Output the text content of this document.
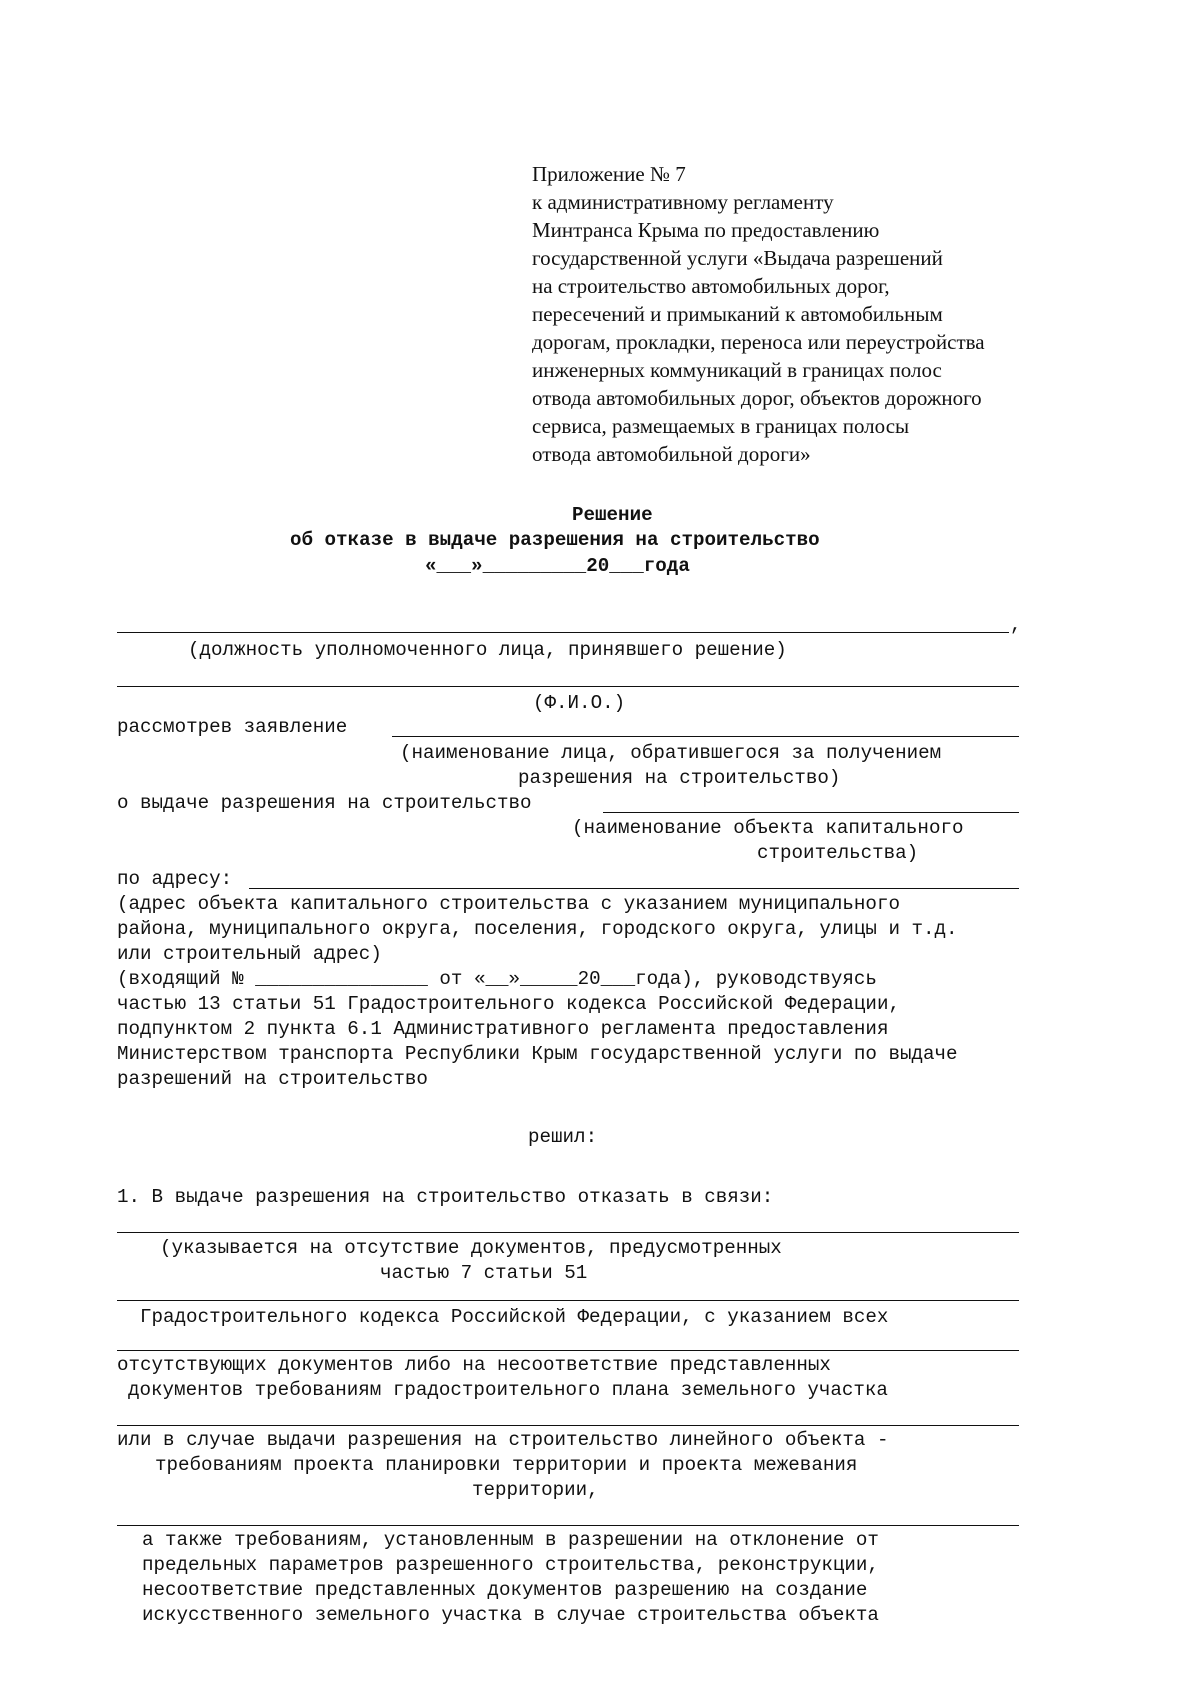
Приложение № 7
к административному регламенту
Минтранса Крыма по предоставлению
государственной услуги «Выдача разрешений
на строительство автомобильных дорог,
пересечений и примыканий к автомобильным
дорогам, прокладки, переноса или переустройства
инженерных коммуникаций в границах полос
отвода автомобильных дорог, объектов дорожного
сервиса, размещаемых в границах полосы
отвода автомобильной дороги»
Решение
об отказе в выдаче разрешения на строительство
«___»_________20___года
,
(должность уполномоченного лица, принявшего решение)
(Ф.И.О.)
рассмотрев заявление
(наименование лица, обратившегося за получением
разрешения на строительство)
о выдаче разрешения на строительство
(наименование объекта капитального
строительства)
по адресу:
(адрес объекта капитального строительства с указанием муниципального
района, муниципального округа, поселения, городского округа, улицы и т.д.
или строительный адрес)
(входящий № _______________ от «__»_____20___года), руководствуясь
частью 13 статьи 51 Градостроительного кодекса Российской Федерации,
подпунктом 2 пункта 6.1 Административного регламента предоставления
Министерством транспорта Республики Крым государственной услуги по выдаче
разрешений на строительство
решил:
1. В выдаче разрешения на строительство отказать в связи:
(указывается на отсутствие документов, предусмотренных
частью 7 статьи 51
Градостроительного кодекса Российской Федерации, с указанием всех
отсутствующих документов либо на несоответствие представленных
документов требованиям градостроительного плана земельного участка
или в случае выдачи разрешения на строительство линейного объекта -
требованиям проекта планировки территории и проекта межевания
территории,
а также требованиям, установленным в разрешении на отклонение от
предельных параметров разрешенного строительства, реконструкции,
несоответствие представленных документов разрешению на создание
искусственного земельного участка в случае строительства объекта
